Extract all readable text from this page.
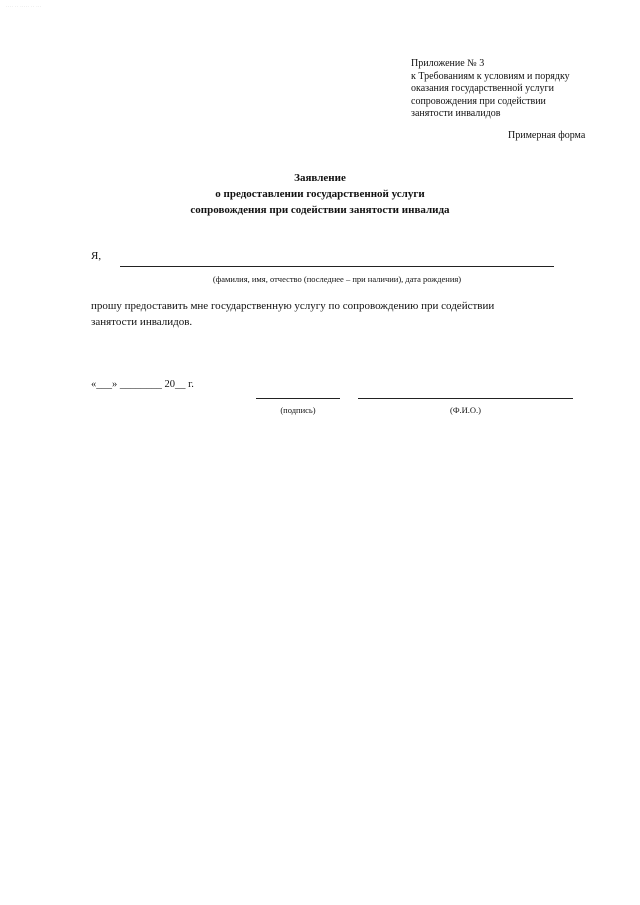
···· ·· ····· ·· ···
Приложение № 3
к Требованиям к условиям и порядку
оказания государственной услуги
сопровождения при содействии
занятости инвалидов
Примерная форма
Заявление
о предоставлении государственной услуги
сопровождения при содействии занятости инвалида
Я,
(фамилия, имя, отчество (последнее – при наличии), дата рождения)
прошу предоставить мне государственную услугу по сопровождению при содействии
занятости инвалидов.
«___» ________ 20__ г.
(подпись)	(Ф.И.О.)
